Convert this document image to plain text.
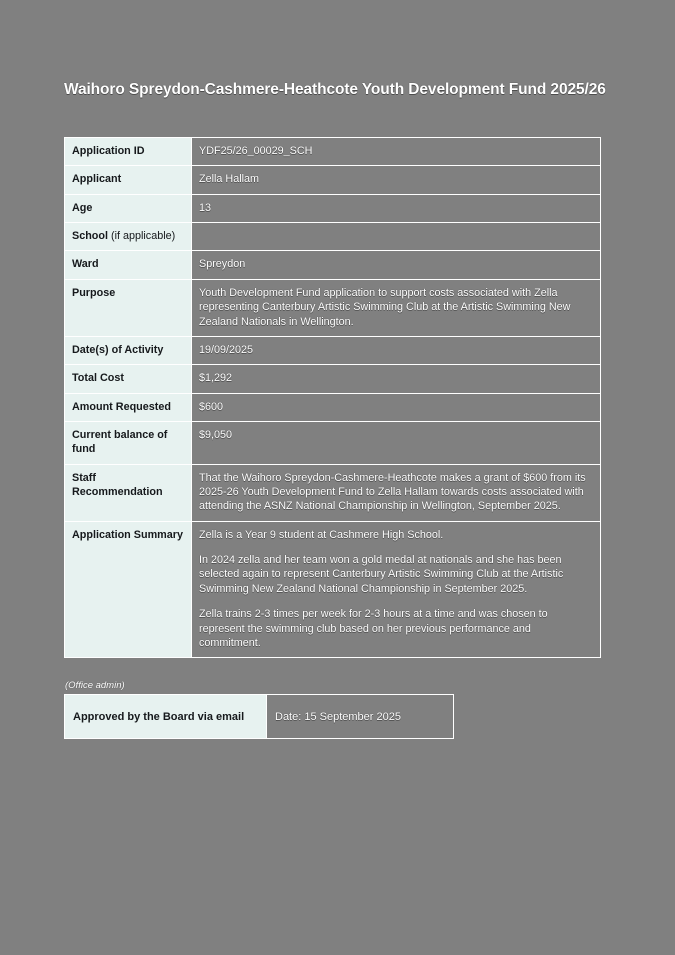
Waihoro Spreydon-Cashmere-Heathcote Youth Development Fund 2025/26
Application ID	YDF25/26_00029_SCH
Applicant	Zella Hallam
Age	13
School (if applicable)	
Ward	Spreydon
Purpose	Youth Development Fund application to support costs associated with Zella representing Canterbury Artistic Swimming Club at the Artistic Swimming New Zealand Nationals in Wellington.
Date(s) of Activity	19/09/2025
Total Cost	$1,292
Amount Requested	$600
Current balance of fund	$9,050
Staff Recommendation	That the Waihoro Spreydon-Cashmere-Heathcote makes a grant of $600 from its 2025-26 Youth Development Fund to Zella Hallam towards costs associated with attending the ASNZ National Championship in Wellington, September 2025.
Application Summary	Zella is a Year 9 student at Cashmere High School.

In 2024 zella and her team won a gold medal at nationals and she has been selected again to represent Canterbury Artistic Swimming Club at the Artistic Swimming New Zealand National Championship in September 2025.

Zella trains 2-3 times per week for 2-3 hours at a time and was chosen to represent the swimming club based on her previous performance and commitment.

(Office admin)
Approved by the Board via email	Date: 15 September 2025
